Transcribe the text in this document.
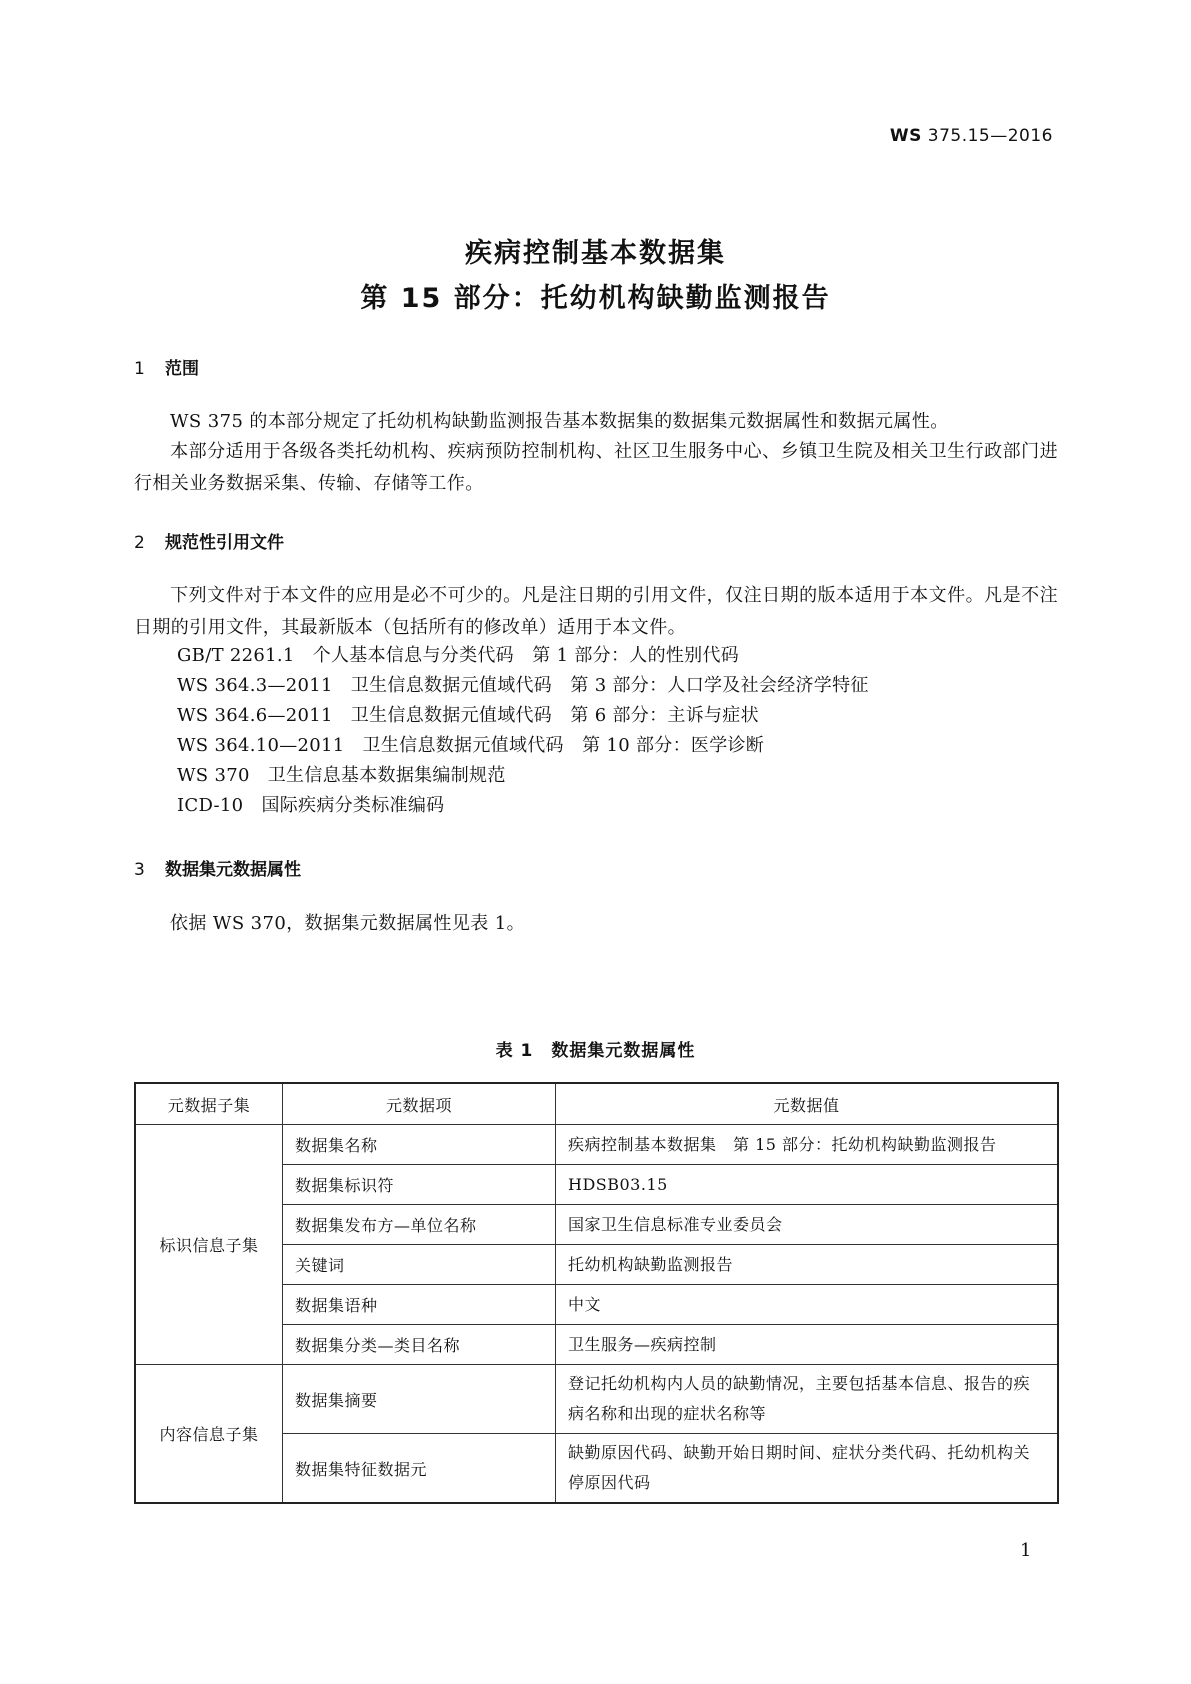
WS 375.15—2016
疾病控制基本数据集
第 15 部分：托幼机构缺勤监测报告
1 范围
WS 375 的本部分规定了托幼机构缺勤监测报告基本数据集的数据集元数据属性和数据元属性。
本部分适用于各级各类托幼机构、疾病预防控制机构、社区卫生服务中心、乡镇卫生院及相关卫生行政部门进行相关业务数据采集、传输、存储等工作。
2 规范性引用文件
下列文件对于本文件的应用是必不可少的。凡是注日期的引用文件，仅注日期的版本适用于本文件。凡是不注日期的引用文件，其最新版本（包括所有的修改单）适用于本文件。
GB/T 2261.1 个人基本信息与分类代码　第 1 部分：人的性别代码
WS 364.3—2011 卫生信息数据元值域代码　第 3 部分：人口学及社会经济学特征
WS 364.6—2011 卫生信息数据元值域代码　第 6 部分：主诉与症状
WS 364.10—2011 卫生信息数据元值域代码　第 10 部分：医学诊断
WS 370 卫生信息基本数据集编制规范
ICD-10 国际疾病分类标准编码
3 数据集元数据属性
依据 WS 370，数据集元数据属性见表 1。
表 1　数据集元数据属性
元数据子集	元数据项	元数据值
标识信息子集	数据集名称	疾病控制基本数据集　第 15 部分：托幼机构缺勤监测报告
	数据集标识符	HDSB03.15
	数据集发布方—单位名称	国家卫生信息标准专业委员会
	关键词	托幼机构缺勤监测报告
	数据集语种	中文
	数据集分类—类目名称	卫生服务—疾病控制
内容信息子集	数据集摘要	登记托幼机构内人员的缺勤情况，主要包括基本信息、报告的疾病名称和出现的症状名称等
	数据集特征数据元	缺勤原因代码、缺勤开始日期时间、症状分类代码、托幼机构关停原因代码
1
